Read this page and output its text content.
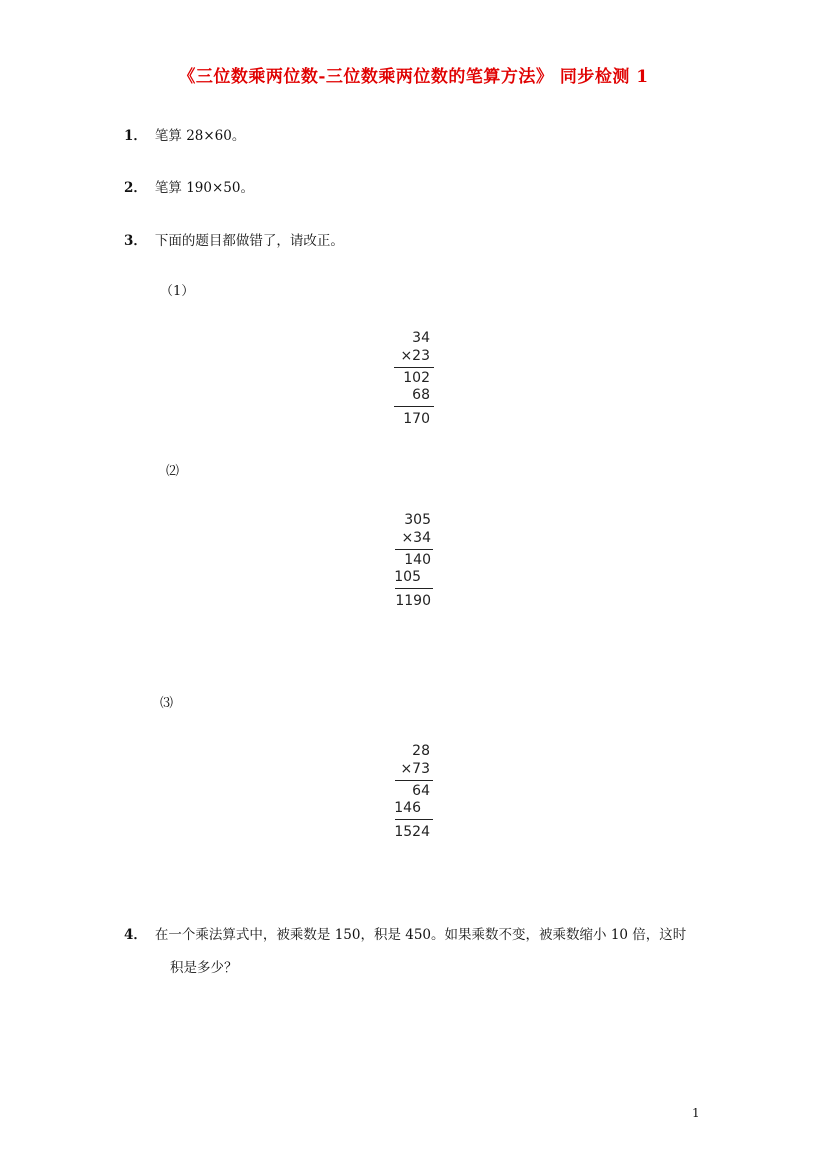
《三位数乘两位数-三位数乘两位数的笔算方法》 同步检测 1
1． 笔算 28×60。
2． 笔算 190×50。
3． 下面的题目都做错了，请改正。
（1）
34
×23
102
68
170
⑵
305
×34
140
105
1190
⑶
28
×73
64
146
1524
4． 在一个乘法算式中，被乘数是 150，积是 450。如果乘数不变，被乘数缩小 10 倍，这时
积是多少？
1
